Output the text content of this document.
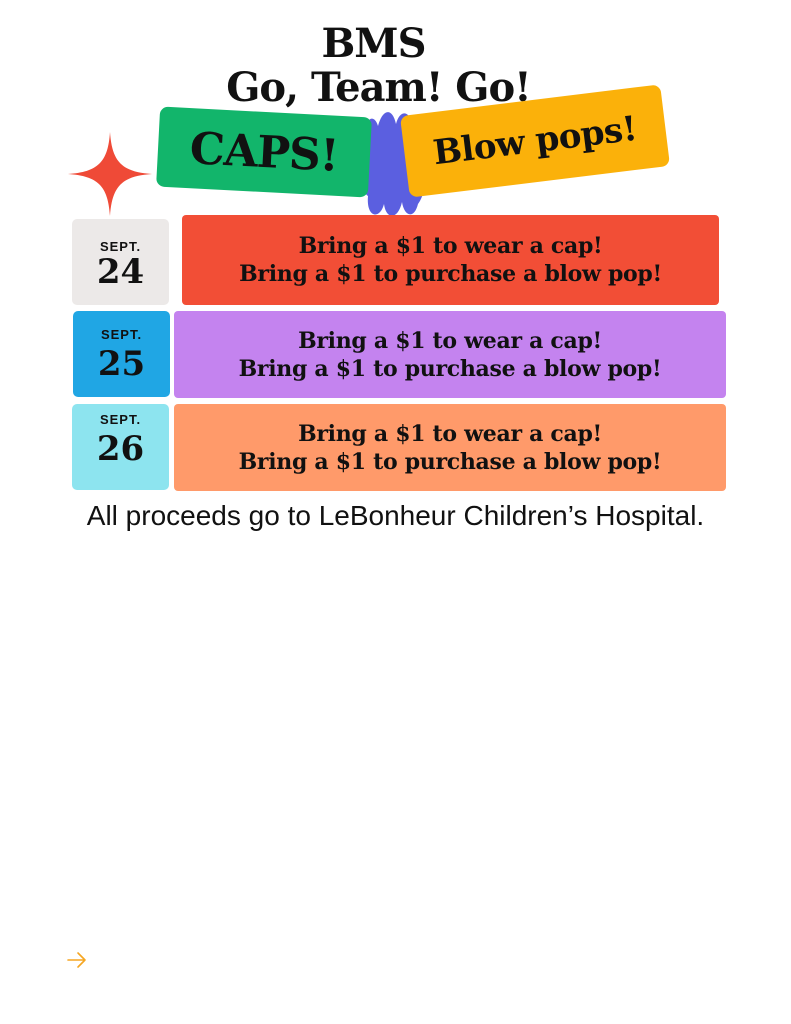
BMS
Go, Team! Go!
CAPS!	Blow pops!
SEPT.
24
Bring a $1 to wear a cap!
Bring a $1 to purchase a blow pop!
SEPT.
25
Bring a $1 to wear a cap!
Bring a $1 to purchase a blow pop!
SEPT.
26	Bring a $1 to wear a cap!
Bring a $1 to purchase a blow pop!
All proceeds go to LeBonheur Children’s Hospital.
